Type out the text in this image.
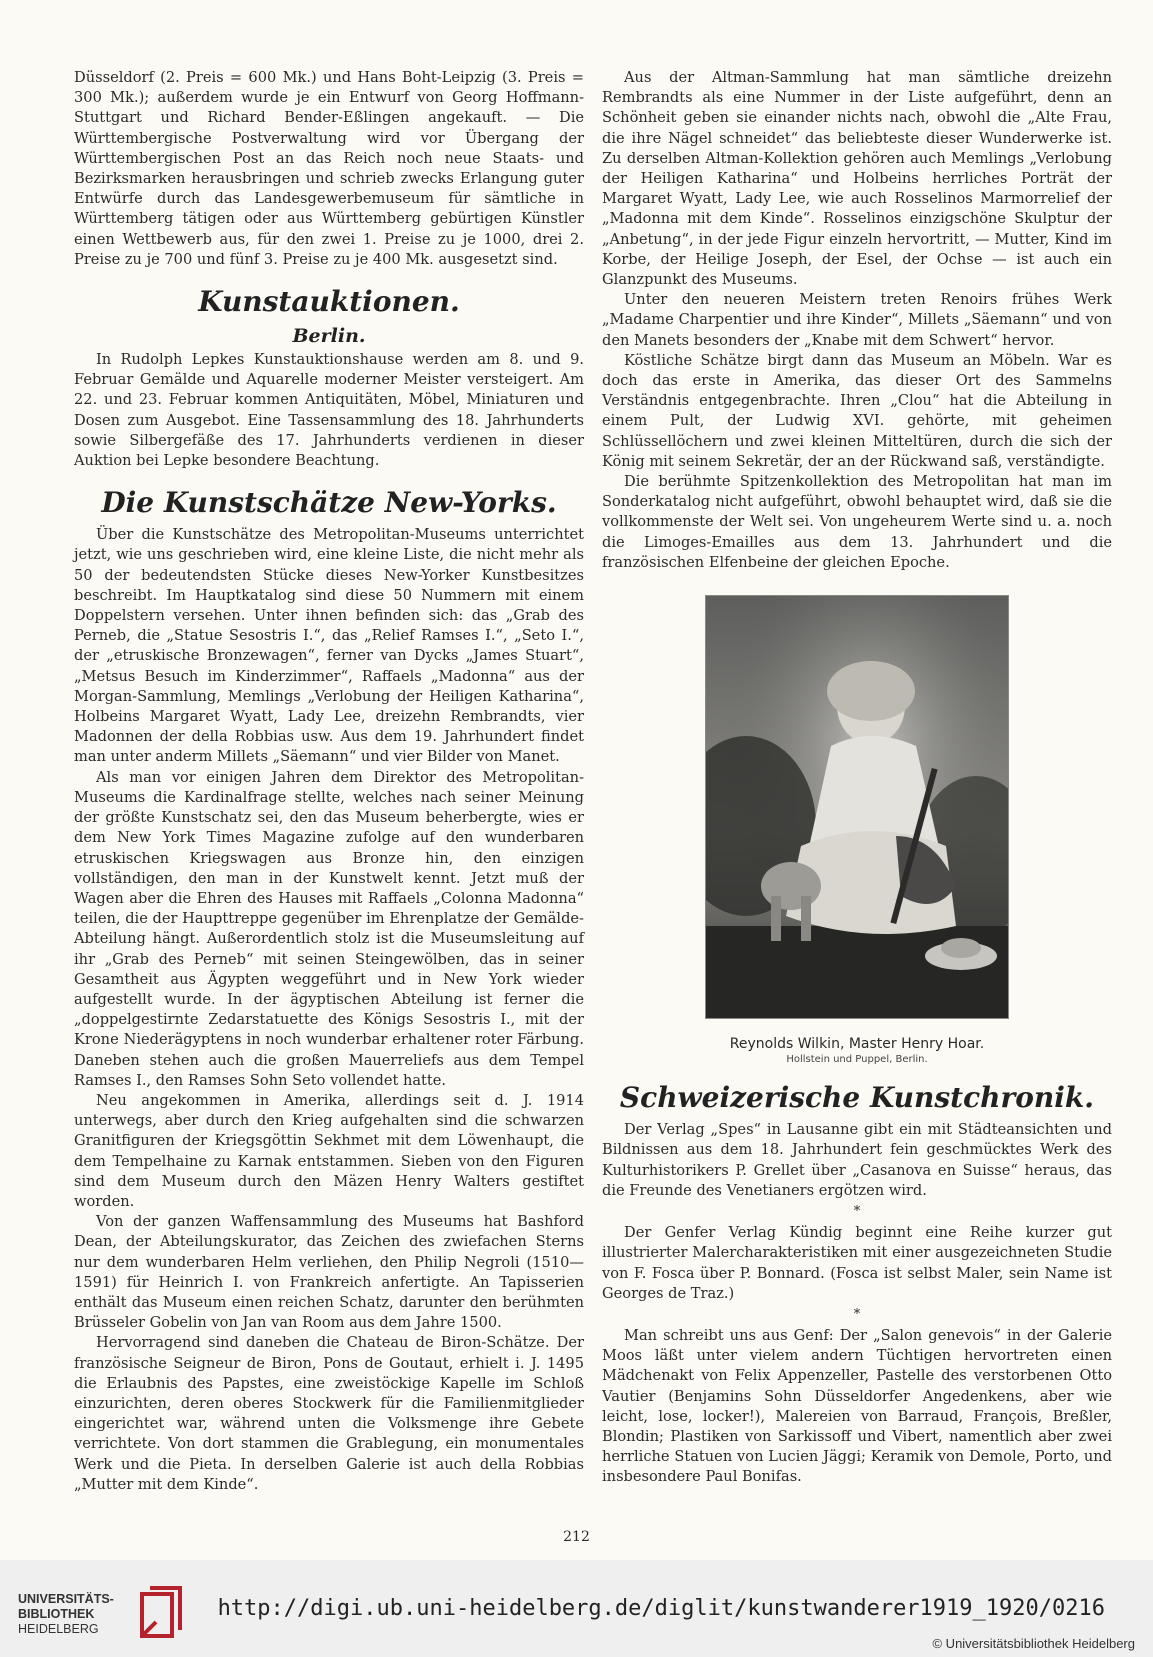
Düsseldorf (2. Preis = 600 Mk.) und Hans Boht-Leipzig (3. Preis = 300 Mk.); außerdem wurde je ein Entwurf von Georg Hoffmann-Stuttgart und Richard Bender-Eßlingen angekauft. — Die Württembergische Postverwaltung wird vor Übergang der Württembergischen Post an das Reich noch neue Staats- und Bezirksmarken herausbringen und schrieb zwecks Erlangung guter Entwürfe durch das Landesgewerbemuseum für sämtliche in Württemberg tätigen oder aus Württemberg gebürtigen Künstler einen Wettbewerb aus, für den zwei 1. Preise zu je 1000, drei 2. Preise zu je 700 und fünf 3. Preise zu je 400 Mk. ausgesetzt sind.

Kunstauktionen.
Berlin.

In Rudolph Lepkes Kunstauktionshause werden am 8. und 9. Februar Gemälde und Aquarelle moderner Meister versteigert. Am 22. und 23. Februar kommen Antiquitäten, Möbel, Miniaturen und Dosen zum Ausgebot. Eine Tassensammlung des 18. Jahrhunderts sowie Silbergefäße des 17. Jahrhunderts verdienen in dieser Auktion bei Lepke besondere Beachtung.

Die Kunstschätze New-Yorks.

Über die Kunstschätze des Metropolitan-Museums unterrichtet jetzt, wie uns geschrieben wird, eine kleine Liste, die nicht mehr als 50 der bedeutendsten Stücke dieses New-Yorker Kunstbesitzes beschreibt. Im Hauptkatalog sind diese 50 Nummern mit einem Doppelstern versehen. Unter ihnen befinden sich: das „Grab des Perneb, die „Statue Sesostris I.“, das „Relief Ramses I.“, „Seto I.“, der „etruskische Bronzewagen“, ferner van Dycks „James Stuart“, „Metsus Besuch im Kinderzimmer“, Raffaels „Madonna“ aus der Morgan-Sammlung, Memlings „Verlobung der Heiligen Katharina“, Holbeins Margaret Wyatt, Lady Lee, dreizehn Rembrandts, vier Madonnen der della Robbias usw. Aus dem 19. Jahrhundert findet man unter anderm Millets „Säemann“ und vier Bilder von Manet.

Als man vor einigen Jahren dem Direktor des Metropolitan-Museums die Kardinalfrage stellte, welches nach seiner Meinung der größte Kunstschatz sei, den das Museum beherbergte, wies er dem New York Times Magazine zufolge auf den wunderbaren etruskischen Kriegswagen aus Bronze hin, den einzigen vollständigen, den man in der Kunstwelt kennt. Jetzt muß der Wagen aber die Ehren des Hauses mit Raffaels „Colonna Madonna“ teilen, die der Haupttreppe gegenüber im Ehrenplatze der Gemälde-Abteilung hängt. Außerordentlich stolz ist die Museumsleitung auf ihr „Grab des Perneb“ mit seinen Steingewölben, das in seiner Gesamtheit aus Ägypten weggeführt und in New York wieder aufgestellt wurde. In der ägyptischen Abteilung ist ferner die „doppelgestirnte Zedarstatuette des Königs Sesostris I., mit der Krone Niederägyptens in noch wunderbar erhaltener roter Färbung. Daneben stehen auch die großen Mauerreliefs aus dem Tempel Ramses I., den Ramses Sohn Seto vollendet hatte.

Neu angekommen in Amerika, allerdings seit d. J. 1914 unterwegs, aber durch den Krieg aufgehalten sind die schwarzen Granitfiguren der Kriegsgöttin Sekhmet mit dem Löwenhaupt, die dem Tempelhaine zu Karnak entstammen. Sieben von den Figuren sind dem Museum durch den Mäzen Henry Walters gestiftet worden.

Von der ganzen Waffensammlung des Museums hat Bashford Dean, der Abteilungskurator, das Zeichen des zwiefachen Sterns nur dem wunderbaren Helm verliehen, den Philip Negroli (1510—1591) für Heinrich I. von Frankreich anfertigte. An Tapisserien enthält das Museum einen reichen Schatz, darunter den berühmten Brüsseler Gobelin von Jan van Room aus dem Jahre 1500.

Hervorragend sind daneben die Chateau de Biron-Schätze. Der französische Seigneur de Biron, Pons de Goutaut, erhielt i. J. 1495 die Erlaubnis des Papstes, eine zweistöckige Kapelle im Schloß einzurichten, deren oberes Stockwerk für die Familienmitglieder eingerichtet war, während unten die Volksmenge ihre Gebete verrichtete. Von dort stammen die Grablegung, ein monumentales Werk und die Pieta. In derselben Galerie ist auch della Robbias „Mutter mit dem Kinde“.

Aus der Altman-Sammlung hat man sämtliche dreizehn Rembrandts als eine Nummer in der Liste aufgeführt, denn an Schönheit geben sie einander nichts nach, obwohl die „Alte Frau, die ihre Nägel schneidet“ das beliebteste dieser Wunderwerke ist. Zu derselben Altman-Kollektion gehören auch Memlings „Verlobung der Heiligen Katharina“ und Holbeins herrliches Porträt der Margaret Wyatt, Lady Lee, wie auch Rosselinos Marmorrelief der „Madonna mit dem Kinde“. Rosselinos einzigschöne Skulptur der „Anbetung“, in der jede Figur einzeln hervortritt, — Mutter, Kind im Korbe, der Heilige Joseph, der Esel, der Ochse — ist auch ein Glanzpunkt des Museums.

Unter den neueren Meistern treten Renoirs frühes Werk „Madame Charpentier und ihre Kinder“, Millets „Säemann“ und von den Manets besonders der „Knabe mit dem Schwert“ hervor.

Köstliche Schätze birgt dann das Museum an Möbeln. War es doch das erste in Amerika, das dieser Ort des Sammelns Verständnis entgegenbrachte. Ihren „Clou“ hat die Abteilung in einem Pult, der Ludwig XVI. gehörte, mit geheimen Schlüssellöchern und zwei kleinen Mitteltüren, durch die sich der König mit seinem Sekretär, der an der Rückwand saß, verständigte.

Die berühmte Spitzenkollektion des Metropolitan hat man im Sonderkatalog nicht aufgeführt, obwohl behauptet wird, daß sie die vollkommenste der Welt sei. Von ungeheurem Werte sind u. a. noch die Limoges-Emailles aus dem 13. Jahrhundert und die französischen Elfenbeine der gleichen Epoche.

Reynolds Wilkin, Master Henry Hoar.
Hollstein und Puppel, Berlin.
Schweizerische Kunstchronik.

Der Verlag „Spes“ in Lausanne gibt ein mit Städteansichten und Bildnissen aus dem 18. Jahrhundert fein geschmücktes Werk des Kulturhistorikers P. Grellet über „Casanova en Suisse“ heraus, das die Freunde des Venetianers ergötzen wird.

*

Der Genfer Verlag Kündig beginnt eine Reihe kurzer gut illustrierter Malercharakteristiken mit einer ausgezeichneten Studie von F. Fosca über P. Bonnard. (Fosca ist selbst Maler, sein Name ist Georges de Traz.)

*

Man schreibt uns aus Genf: Der „Salon genevois“ in der Galerie Moos läßt unter vielem andern Tüchtigen hervortreten einen Mädchenakt von Felix Appenzeller, Pastelle des verstorbenen Otto Vautier (Benjamins Sohn Düsseldorfer Angedenkens, aber wie leicht, lose, locker!), Malereien von Barraud, François, Breßler, Blondin; Plastiken von Sarkissoff und Vibert, namentlich aber zwei herrliche Statuen von Lucien Jäggi; Keramik von Demole, Porto, und insbesondere Paul Bonifas.

212
UNIVERSITÄTS-
BIBLIOTHEK
HEIDELBERG
http://digi.ub.uni-heidelberg.de/diglit/kunstwanderer1919_1920/0216
© Universitätsbibliothek Heidelberg
